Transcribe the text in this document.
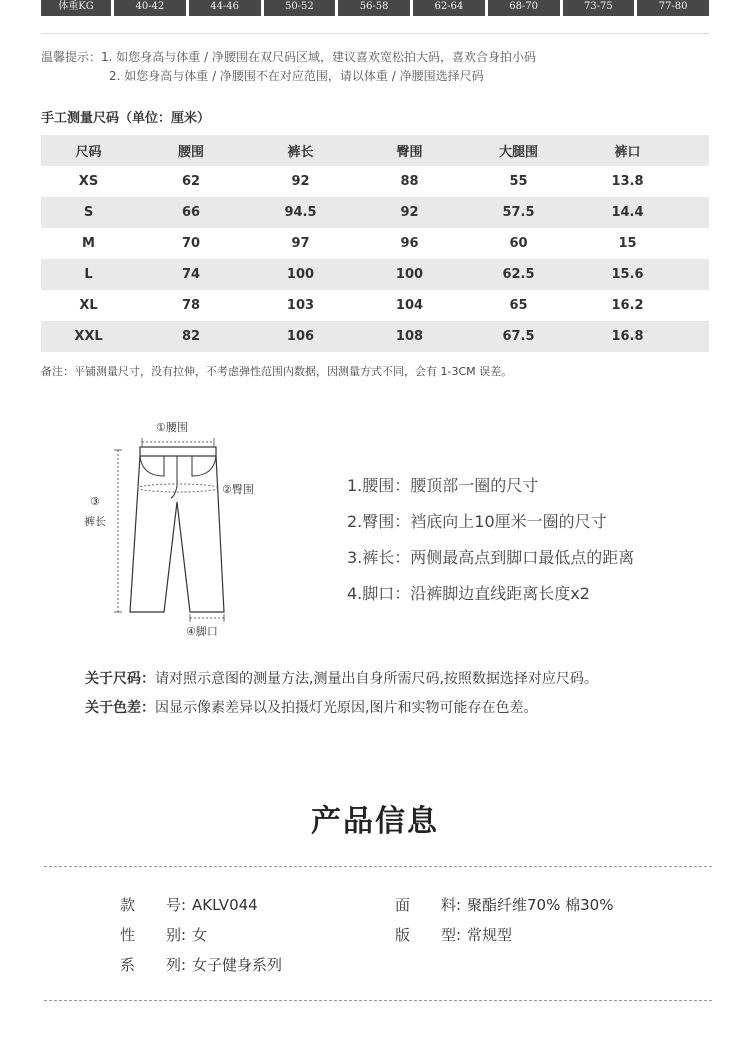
体重KG	40-42	44-46	50-52	56-58	62-64	68-70	73-75	77-80
温馨提示：1. 如您身高与体重 / 净腰围在双尺码区域，建议喜欢宽松拍大码，喜欢合身拍小码
2. 如您身高与体重 / 净腰围不在对应范围，请以体重 / 净腰围选择尺码
手工测量尺码（单位：厘米）
尺码	腰围	裤长	臀围	大腿围	裤口	
XS	62	92	88	55	13.8	
S	66	94.5	92	57.5	14.4	
M	70	97	96	60	15	
L	74	100	100	62.5	15.6	
XL	78	103	104	65	16.2	
XXL	82	106	108	67.5	16.8	
备注：平铺测量尺寸，没有拉伸，不考虑弹性范围内数据，因测量方式不同，会有 1-3CM 误差。
①腰围
②臀围
③
裤长
④脚口
1.腰围：腰顶部一圈的尺寸
2.臀围：裆底向上10厘米一圈的尺寸
3.裤长：两侧最高点到脚口最低点的距离
4.脚口：沿裤脚边直线距离长度x2
关于尺码：请对照示意图的测量方法,测量出自身所需尺码,按照数据选择对应尺码。
关于色差：因显示像素差异以及拍摄灯光原因,图片和实物可能存在色差。
产品信息
款 号: AKLV044	面 料: 聚酯纤维70% 棉30%
性 别: 女	版 型: 常规型
系 列: 女子健身系列
